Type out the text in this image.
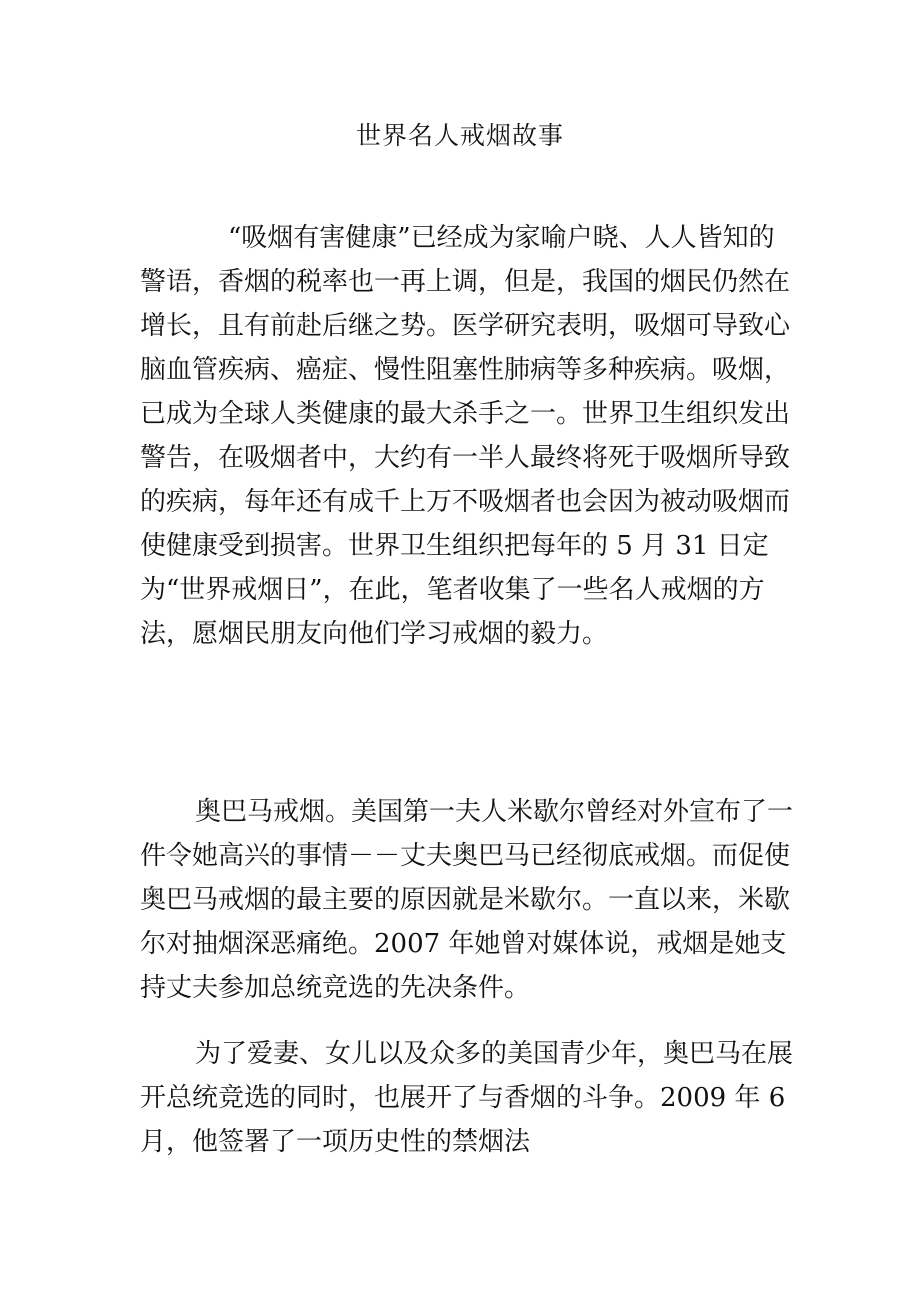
世界名人戒烟故事

“吸烟有害健康”已经成为家喻户晓、人人皆知的警语，香烟的税率也一再上调，但是，我国的烟民仍然在增长，且有前赴后继之势。医学研究表明，吸烟可导致心脑血管疾病、癌症、慢性阻塞性肺病等多种疾病。吸烟，已成为全球人类健康的最大杀手之一。世界卫生组织发出警告，在吸烟者中，大约有一半人最终将死于吸烟所导致的疾病，每年还有成千上万不吸烟者也会因为被动吸烟而使健康受到损害。世界卫生组织把每年的 5 月 31 日定为“世界戒烟日”，在此，笔者收集了一些名人戒烟的方法，愿烟民朋友向他们学习戒烟的毅力。

奥巴马戒烟。美国第一夫人米歇尔曾经对外宣布了一件令她高兴的事情－－丈夫奥巴马已经彻底戒烟。而促使奥巴马戒烟的最主要的原因就是米歇尔。一直以来，米歇尔对抽烟深恶痛绝。2007 年她曾对媒体说，戒烟是她支持丈夫参加总统竞选的先决条件。

为了爱妻、女儿以及众多的美国青少年，奥巴马在展开总统竞选的同时，也展开了与香烟的斗争。2009 年 6 月，他签署了一项历史性的禁烟法
